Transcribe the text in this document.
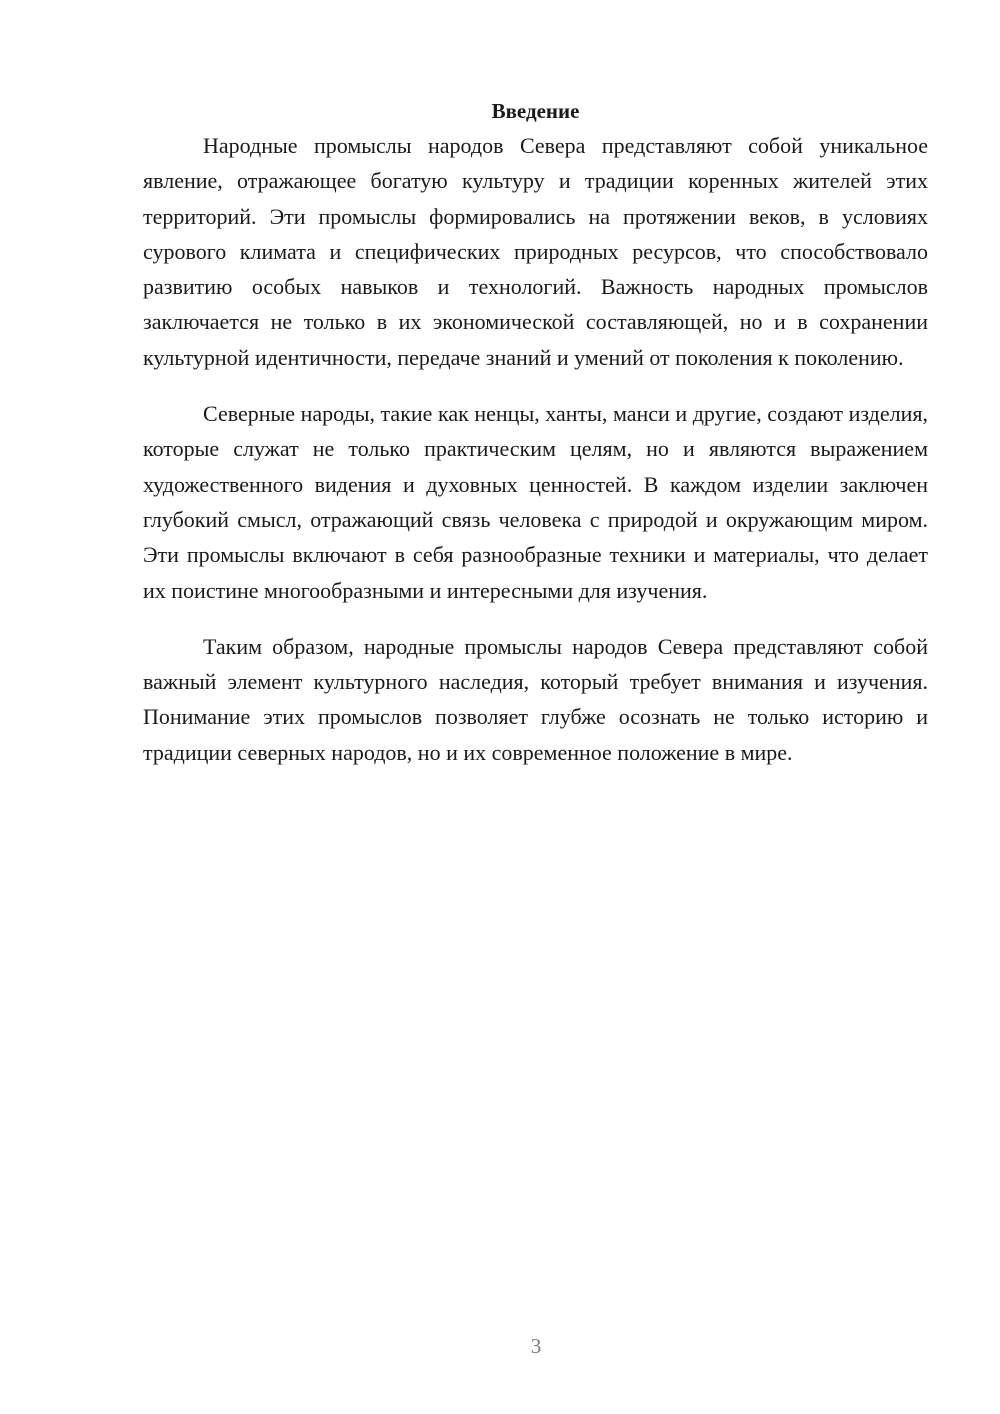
Введение

Народные промыслы народов Севера представляют собой уникальное явление, отражающее богатую культуру и традиции коренных жителей этих территорий. Эти промыслы формировались на протяжении веков, в условиях сурового климата и специфических природных ресурсов, что способствовало развитию особых навыков и технологий. Важность народных промыслов заключается не только в их экономической составляющей, но и в сохранении культурной идентичности, передаче знаний и умений от поколения к поколению.

Северные народы, такие как ненцы, ханты, манси и другие, создают изделия, которые служат не только практическим целям, но и являются выражением художественного видения и духовных ценностей. В каждом изделии заключен глубокий смысл, отражающий связь человека с природой и окружающим миром. Эти промыслы включают в себя разнообразные техники и материалы, что делает их поистине многообразными и интересными для изучения.

Таким образом, народные промыслы народов Севера представляют собой важный элемент культурного наследия, который требует внимания и изучения. Понимание этих промыслов позволяет глубже осознать не только историю и традиции северных народов, но и их современное положение в мире.

3
